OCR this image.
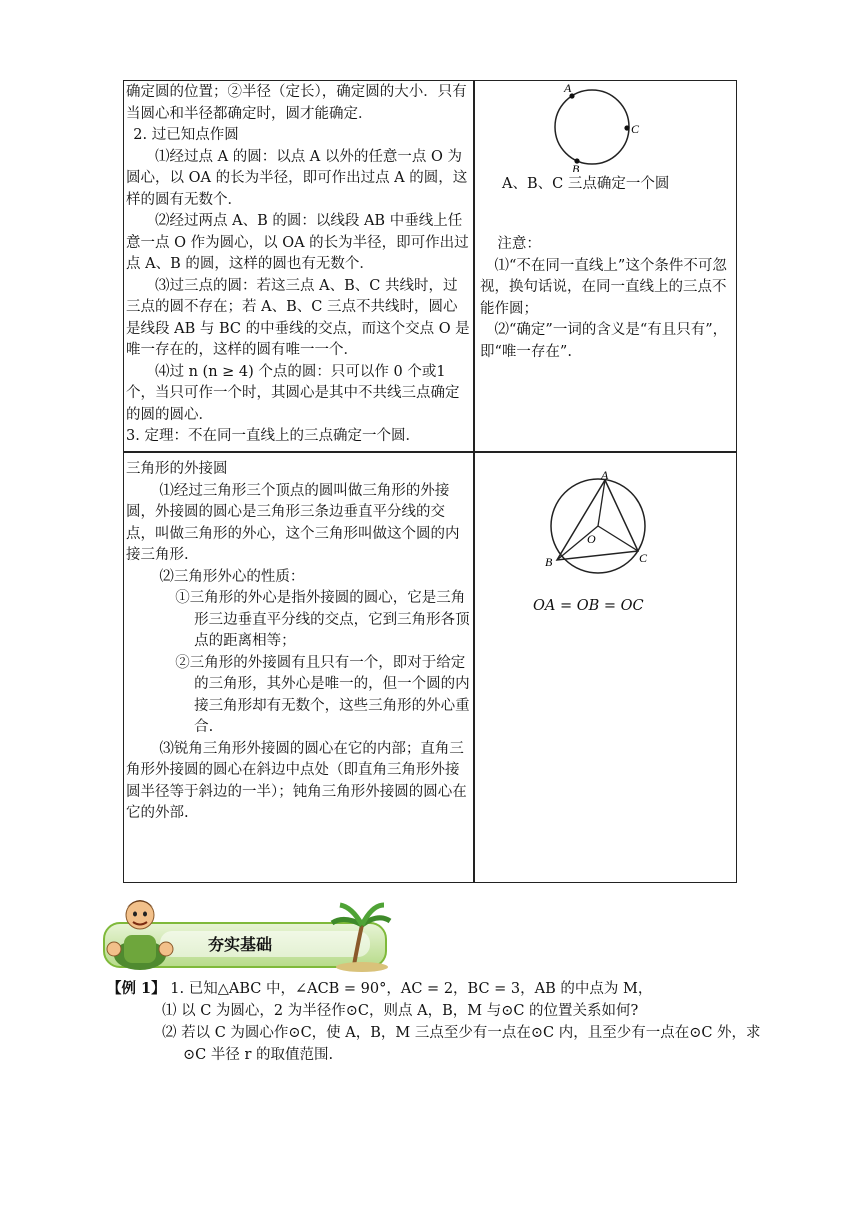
确定圆的位置；②半径（定长），确定圆的大小．只有当圆心和半径都确定时，圆才能确定．

2. 过已知点作圆

⑴经过点 A 的圆：以点 A 以外的任意一点 O 为圆心，以 OA 的长为半径，即可作出过点 A 的圆，这样的圆有无数个．

⑵经过两点 A、B 的圆：以线段 AB 中垂线上任意一点 O 作为圆心，以 OA 的长为半径，即可作出过点 A、B 的圆，这样的圆也有无数个．

⑶过三点的圆：若这三点 A、B、C 共线时，过三点的圆不存在；若 A、B、C 三点不共线时，圆心是线段 AB 与 BC 的中垂线的交点，而这个交点 O 是唯一存在的，这样的圆有唯一一个．

⑷过 n (n ≥ 4) 个点的圆：只可以作 0 个或1个，当只可作一个时，其圆心是其中不共线三点确定的圆的圆心．

3. 定理：不在同一直线上的三点确定一个圆．

A
C
B
A、B、C 三点确定一个圆

注意：

⑴“不在同一直线上”这个条件不可忽视，换句话说，在同一直线上的三点不能作圆；

⑵“确定”一词的含义是“有且只有”，即“唯一存在”.

三角形的外接圆

⑴经过三角形三个顶点的圆叫做三角形的外接圆，外接圆的圆心是三角形三条边垂直平分线的交点，叫做三角形的外心，这个三角形叫做这个圆的内接三角形.

⑵三角形外心的性质：

①三角形的外心是指外接圆的圆心，它是三角形三边垂直平分线的交点，它到三角形各顶点的距离相等；

②三角形的外接圆有且只有一个，即对于给定的三角形，其外心是唯一的，但一个圆的内接三角形却有无数个，这些三角形的外心重合.

⑶锐角三角形外接圆的圆心在它的内部；直角三角形外接圆的圆心在斜边中点处（即直角三角形外接圆半径等于斜边的一半）；钝角三角形外接圆的圆心在它的外部.

A
B	C
O
OA = OB = OC
夯实基础

【例 1】 1. 已知△ABC 中，∠ACB = 90°，AC = 2，BC = 3，AB 的中点为 M，

⑴ 以 C 为圆心，2 为半径作⊙C，则点 A，B，M 与⊙C 的位置关系如何?

⑵ 若以 C 为圆心作⊙C，使 A，B，M 三点至少有一点在⊙C 内，且至少有一点在⊙C 外，求⊙C 半径 r 的取值范围.
